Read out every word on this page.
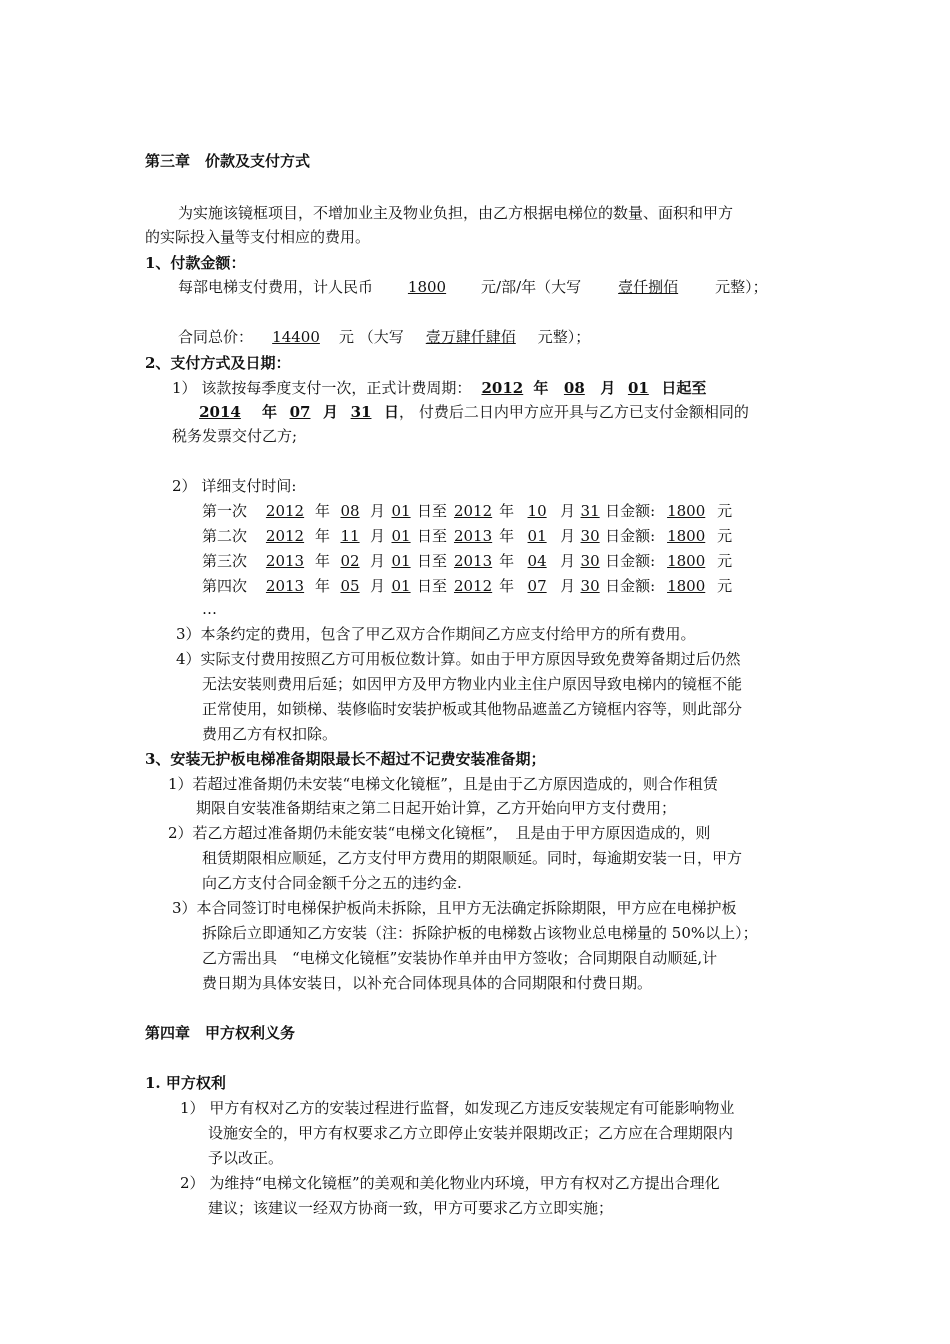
第三章　价款及支付方式
为实施该镜框项目，不增加业主及物业负担，由乙方根据电梯位的数量、面积和甲方
的实际投入量等支付相应的费用。
1、付款金额：
每部电梯支付费用，计人民币 1800 元/部/年（大写 壹仟捌佰 元整）；
合同总价： 14400 元 （大写 壹万肆仟肆佰 元整）；
2、支付方式及日期：
1） 该款按每季度支付一次，正式计费周期： 2012 年 08 月 01 日起至
2014 年 07 月 31 日， 付费后二日内甲方应开具与乙方已支付金额相同的
税务发票交付乙方;
2） 详细支付时间:
第一次 2012 年 08 月 01 日至 2012 年 10 月 31 日金额: 1800 元
第二次 2012 年 11 月 01 日至 2013 年 01 月 30 日金额: 1800 元
第三次 2013 年 02 月 01 日至 2013 年 04 月 30 日金额: 1800 元
第四次 2013 年 05 月 01 日至 2012 年 07 月 30 日金额: 1800 元
…
3）本条约定的费用，包含了甲乙双方合作期间乙方应支付给甲方的所有费用。
4）实际支付费用按照乙方可用板位数计算。如由于甲方原因导致免费筹备期过后仍然
无法安装则费用后延；如因甲方及甲方物业内业主住户原因导致电梯内的镜框不能
正常使用，如锁梯、装修临时安装护板或其他物品遮盖乙方镜框内容等，则此部分
费用乙方有权扣除。
3、安装无护板电梯准备期限最长不超过不记费安装准备期；
1）若超过准备期仍未安装“电梯文化镜框”，且是由于乙方原因造成的，则合作租赁
期限自安装准备期结束之第二日起开始计算，乙方开始向甲方支付费用；
2）若乙方超过准备期仍未能安装“电梯文化镜框”，　且是由于甲方原因造成的，则
租赁期限相应顺延，乙方支付甲方费用的期限顺延。同时，每逾期安装一日，甲方
向乙方支付合同金额千分之五的违约金.
3）本合同签订时电梯保护板尚未拆除，且甲方无法确定拆除期限，甲方应在电梯护板
拆除后立即通知乙方安装（注：拆除护板的电梯数占该物业总电梯量的 50%以上）；
乙方需出具　“电梯文化镜框”安装协作单并由甲方签收；合同期限自动顺延,计
费日期为具体安装日，以补充合同体现具体的合同期限和付费日期。
第四章　甲方权利义务
1. 甲方权利
1） 甲方有权对乙方的安装过程进行监督，如发现乙方违反安装规定有可能影响物业
设施安全的，甲方有权要求乙方立即停止安装并限期改正；乙方应在合理期限内
予以改正。
2） 为维持“电梯文化镜框”的美观和美化物业内环境，甲方有权对乙方提出合理化
建议；该建议一经双方协商一致，甲方可要求乙方立即实施；
